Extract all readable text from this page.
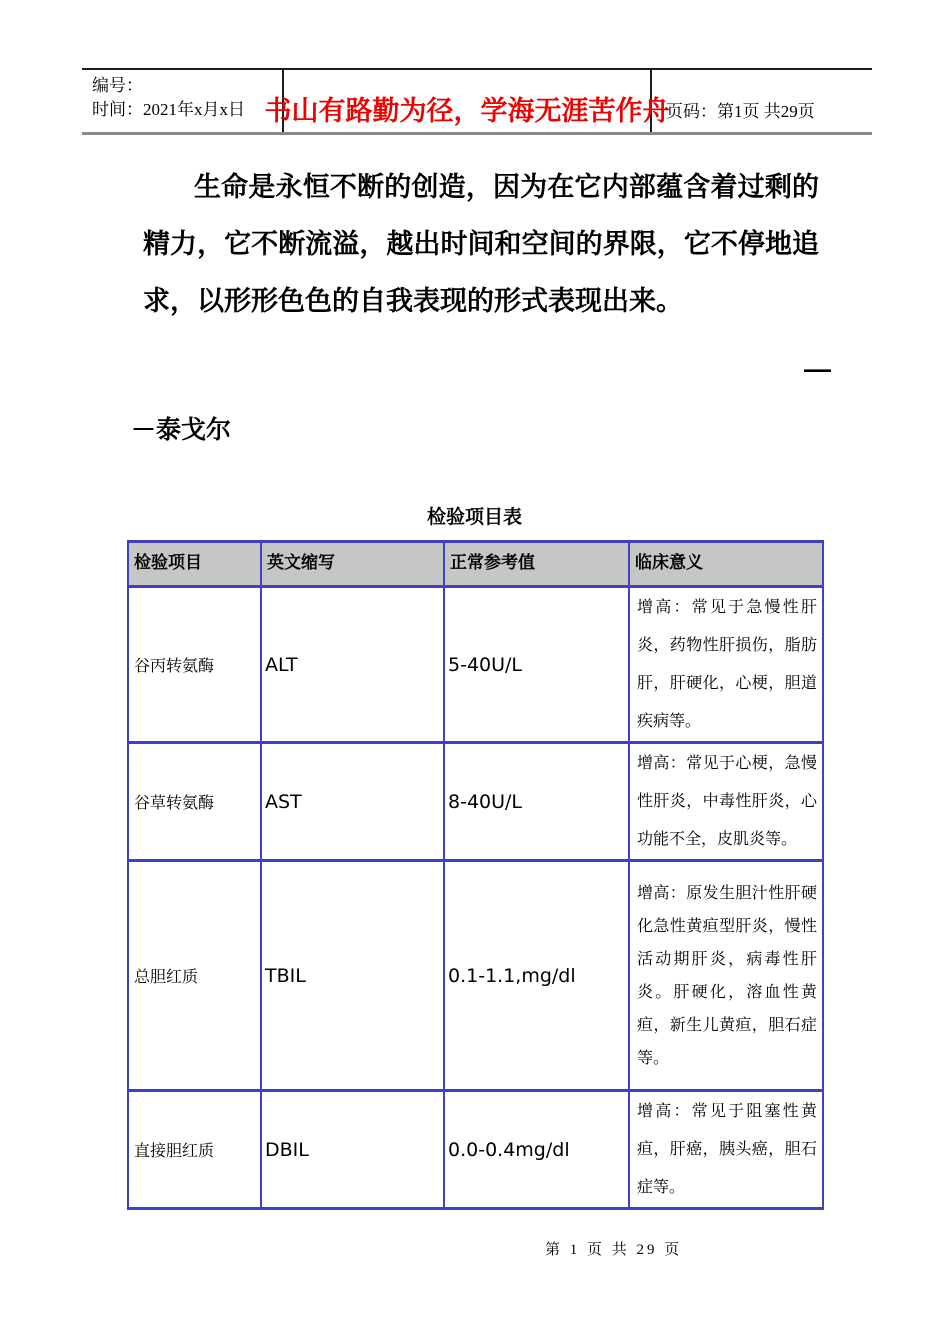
编号：
时间：2021年x月x日 书山有路勤为径，学海无涯苦作舟
页码：第1页 共29页
生命是永恒不断的创造，因为在它内部蕴含着过剩的精力，它不断流溢，越出时间和空间的界限，它不停地追求，以形形色色的自我表现的形式表现出来。
—
－泰戈尔
检验项目表
检验项目	英文缩写	正常参考值	临床意义
谷丙转氨酶	ALT	5-40U/L	增高：常见于急慢性肝炎，药物性肝损伤，脂肪肝，肝硬化，心梗，胆道疾病等。
谷草转氨酶	AST	8-40U/L	增高：常见于心梗，急慢性肝炎，中毒性肝炎，心功能不全，皮肌炎等。
总胆红质	TBIL	0.1-1.1,mg/dl	增高：原发生胆汁性肝硬化急性黄疸型肝炎，慢性活动期肝炎，病毒性肝炎。肝硬化，溶血性黄疸，新生儿黄疸，胆石症等。
直接胆红质	DBIL	0.0-0.4mg/dl	增高：常见于阻塞性黄疸，肝癌，胰头癌，胆石症等。
第 1 页 共 29 页
